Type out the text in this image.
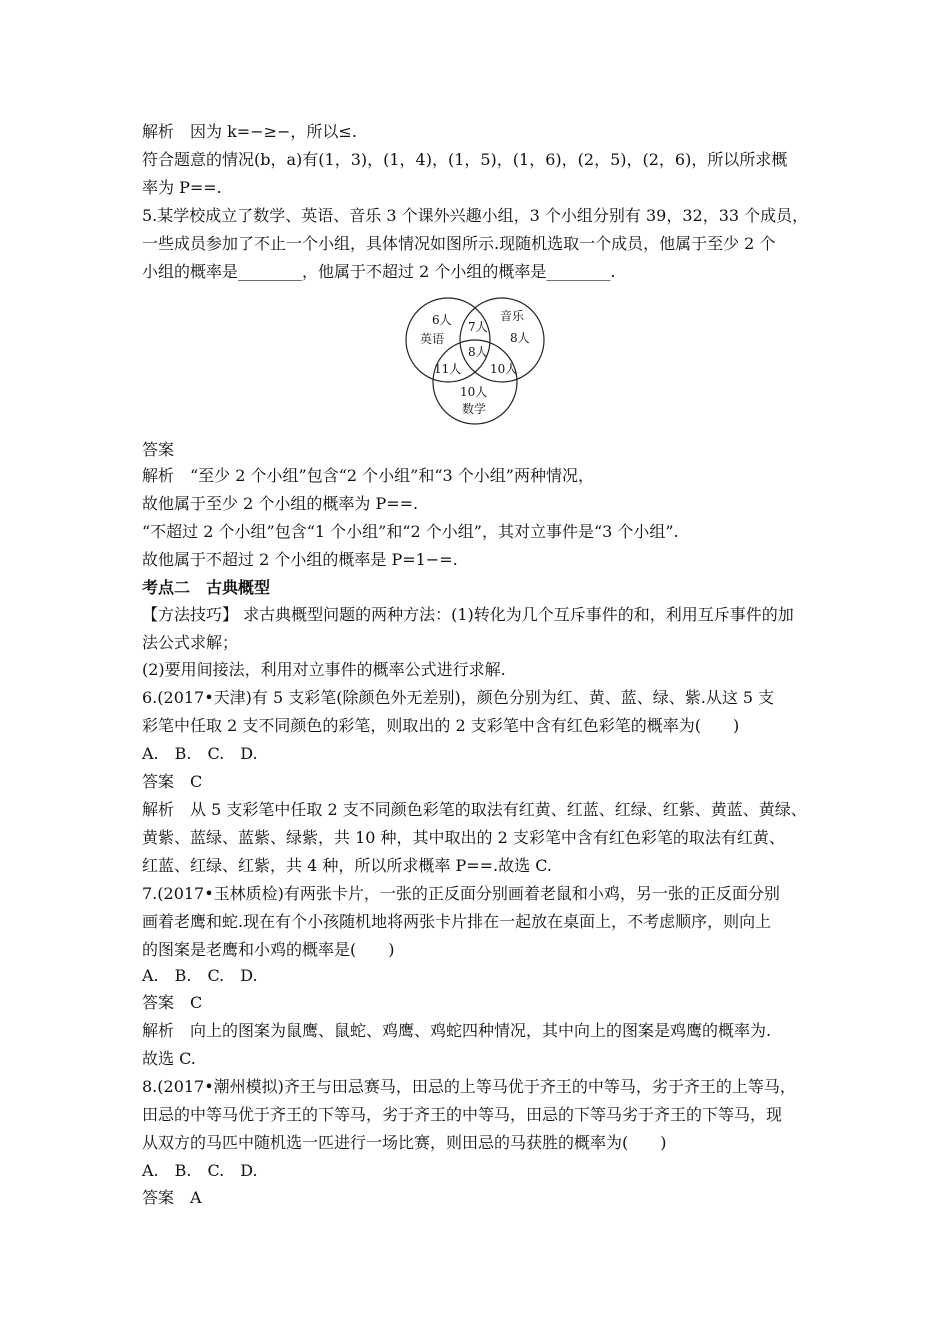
解析　因为 k=−≥−，所以≤.
符合题意的情况(b，a)有(1，3)，(1，4)，(1，5)，(1，6)，(2，5)，(2，6)，所以所求概
率为 P==.
5.某学校成立了数学、英语、音乐 3 个课外兴趣小组，3 个小组分别有 39，32，33 个成员，
一些成员参加了不止一个小组，具体情况如图所示.现随机选取一个成员，他属于至少 2 个
小组的概率是________，他属于不超过 2 个小组的概率是________.
6人
英语
7人
音乐
8人
8人
11人 10人
10人
数学
答案
解析　“至少 2 个小组”包含“2 个小组”和“3 个小组”两种情况，
故他属于至少 2 个小组的概率为 P==.
“不超过 2 个小组”包含“1 个小组”和“2 个小组”，其对立事件是“3 个小组”.
故他属于不超过 2 个小组的概率是 P=1−=.
考点二　古典概型
【方法技巧】 求古典概型问题的两种方法：(1)转化为几个互斥事件的和，利用互斥事件的加
法公式求解；
(2)要用间接法，利用对立事件的概率公式进行求解.
6.(2017•天津)有 5 支彩笔(除颜色外无差别)，颜色分别为红、黄、蓝、绿、紫.从这 5 支
彩笔中任取 2 支不同颜色的彩笔，则取出的 2 支彩笔中含有红色彩笔的概率为(　　)
A.　B.　C.　D.
答案　C
解析　从 5 支彩笔中任取 2 支不同颜色彩笔的取法有红黄、红蓝、红绿、红紫、黄蓝、黄绿、
黄紫、蓝绿、蓝紫、绿紫，共 10 种，其中取出的 2 支彩笔中含有红色彩笔的取法有红黄、
红蓝、红绿、红紫，共 4 种，所以所求概率 P==.故选 C.
7.(2017•玉林质检)有两张卡片，一张的正反面分别画着老鼠和小鸡，另一张的正反面分别
画着老鹰和蛇.现在有个小孩随机地将两张卡片排在一起放在桌面上，不考虑顺序，则向上
的图案是老鹰和小鸡的概率是(　　)
A.　B.　C.　D.
答案　C
解析　向上的图案为鼠鹰、鼠蛇、鸡鹰、鸡蛇四种情况，其中向上的图案是鸡鹰的概率为.
故选 C.
8.(2017•潮州模拟)齐王与田忌赛马，田忌的上等马优于齐王的中等马，劣于齐王的上等马，
田忌的中等马优于齐王的下等马，劣于齐王的中等马，田忌的下等马劣于齐王的下等马，现
从双方的马匹中随机选一匹进行一场比赛，则田忌的马获胜的概率为(　　)
A.　B.　C.　D.
答案　A
